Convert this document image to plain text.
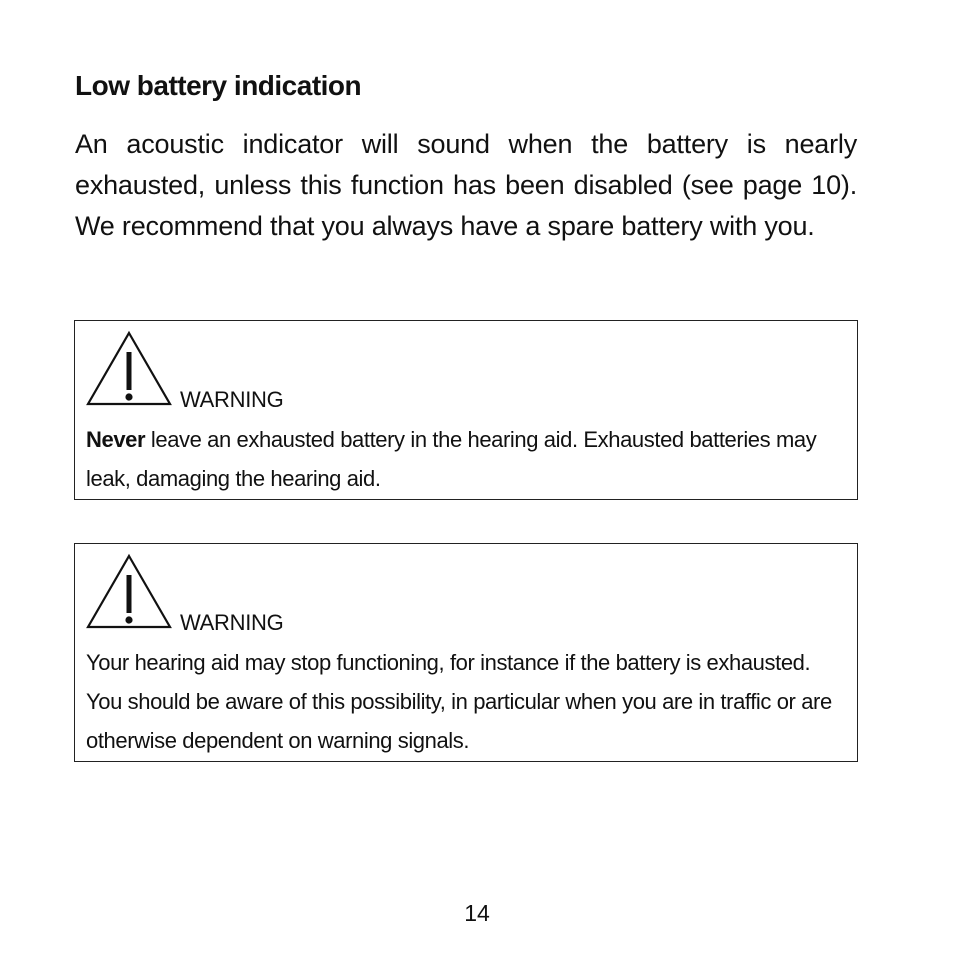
Low battery indication

An acoustic indicator will sound when the battery is nearly exhausted, unless this function has been disabled (see page 10). We recommend that you always have a spare battery with you.

WARNING

Never leave an exhausted battery in the hearing aid. Exhausted batteries may leak, damaging the hearing aid.

WARNING

Your hearing aid may stop functioning, for instance if the battery is exhausted. You should be aware of this possibility, in particular when you are in traffic or are otherwise dependent on warning signals.

14
